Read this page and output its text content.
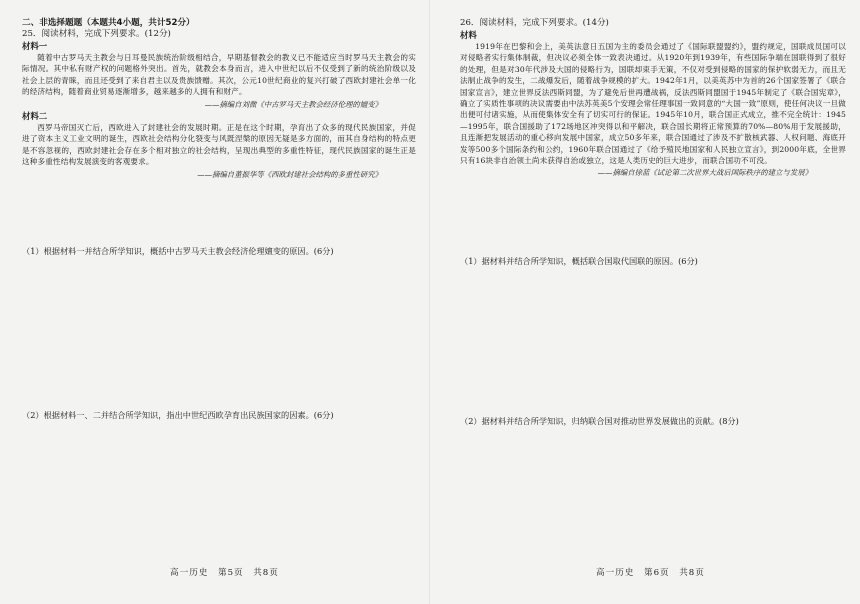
二、非选择题题（本题共4小题，共计52分）

25．阅读材料，完成下列要求。(12分)

材料一

随着中古罗马天主教会与日耳曼民族统治阶级相结合，早期基督教会的教义已不能适应当时罗马天主教会的实际情况。其中私有财产权的问题格外突出。首先，就教会本身而言，进入中世纪以后不仅受到了新的统治阶级以及社会上层的青睐，而且还受到了来自君主以及贵族馈赠。其次，公元10世纪商业的复兴打破了西欧封建社会单一化的经济结构，随着商业贸易逐渐增多，越来越多的人拥有和财产。

——摘编自刘微《中古罗马天主教会经济伦理的嬗变》

材料二

西罗马帝国灭亡后，西欧进入了封建社会的发展时期。正是在这个时期，孕育出了众多的现代民族国家，并促进了资本主义工业文明的诞生，西欧社会结构分化裂变与风既涅槃的原因无疑是多方面的，而其自身结构的特点更是不容忽视的，西欧封建社会存在多个相对独立的社会结构，呈现出典型的多重性特征，现代民族国家的诞生正是这种多重性结构发展演变的客观要求。

——摘编自董振华等《西欧封建社会结构的多重性研究》

（1）根据材料一并结合所学知识，概括中古罗马天主教会经济伦理嬗变的原因。(6分)

（2）根据材料一、二并结合所学知识，指出中世纪西欧孕育出民族国家的因素。(6分)

高一历史　第5页　共8页

26．阅读材料，完成下列要求。(14分)

材料

1919年在巴黎和会上，美英法意日五国为主的委员会通过了《国际联盟盟约》，盟约规定，国联成员国可以对侵略者实行集体制裁，但决议必须全体一致表决通过。从1920年到1939年，有些国际争端在国联得到了很好的处理，但是对30年代涉及大国的侵略行为，国联却束手无策，不仅对受到侵略的国家的保护软弱无力，而且无法制止战争的发生，二战爆发后，随着战争规模的扩大。1942年1月，以美英苏中为首的26个国家签署了《联合国家宣言》，建立世界反法西斯同盟，为了避免后世再遭战祸，反法西斯同盟国于1945年制定了《联合国宪章》，确立了实质性事项的决议需要由中法苏英美5个安理会常任理事国一致同意的“大国一致”原则，使任何决议一旦做出便可付诸实施，从而使集体安全有了切实可行的保证。1945年10月，联合国正式成立，推不完全统计：1945—1995年，联合国援助了172场地区冲突得以和平解决，联合国长期将正常预算的70%—80%用于发展援助，且连渐把发展活动的重心移向发展中国家，成立50多年来，联合国通过了涉及不扩散核武器、人权问题、海底开发等500多个国际条约和公约，1960年联合国通过了《给予殖民地国家和人民独立宣言》，到2000年底，全世界只有16块非自治领土尚未获得自治或独立，这是人类历史的巨大进步，而联合国功不可没。

——摘编自徐蓝《试论第二次世界大战后国际秩序的建立与发展》

（1）据材料并结合所学知识，概括联合国取代国联的原因。(6分)

（2）据材料并结合所学知识，归纳联合国对推动世界发展做出的贡献。(8分)

高一历史　第6页　共8页
